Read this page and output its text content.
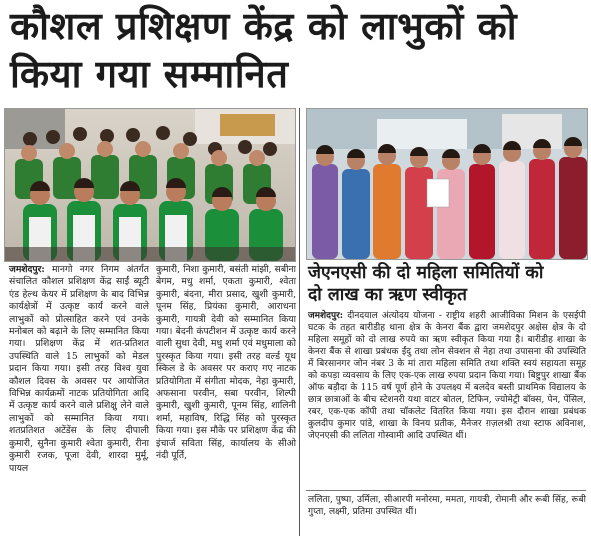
कौशल प्रशिक्षण केंद्र को लाभुकों को
किया गया सम्मानित

जमशेदपुर: मानगो नगर निगम अंतर्गत संचालित कौशल प्रशिक्षण केंद्र साईं ब्यूटी एंड हेल्थ केयर में प्रशिक्षण के बाद विभिन्न कार्यक्षेत्रों में उत्कृष्ट कार्य करने वाले लाभुकों को प्रोत्साहित करने एवं उनके मनोबल को बढ़ाने के लिए सम्मानित किया गया। प्रशिक्षण केंद्र में शत-प्रतिशत उपस्थिति वाले 15 लाभुकों को मेडल प्रदान किया गया। इसी तरह विश्व युवा कौशल दिवस के अवसर पर आयोजित विभिन्न कार्यक्रमों नाटक प्रतियोगिता आदि में उत्कृष्ट कार्य करने वाले प्रशिक्षु लेने वाले लाभुकों को सम्मानित किया गया। शतप्रतिशत अटेंडेंस के लिए दीपाली कुमारी, सुनैना कुमारी श्वेता कुमारी, रीना कुमारी रजक, पूजा देवी, शारदा मुर्मू, पायल

कुमारी, निशा कुमारी, बसंती मांझी, सबीना बेगम, मधु शर्मा, एकता कुमारी, श्वेता कुमारी, बंदना, मीरा प्रसाद, खुशी कुमारी, पूनम सिंह, प्रियंका कुमारी, आराधना कुमारी, गायत्री देवी को सम्मानित किया गया। बेदनी कंपटीशन में उत्कृष्ट कार्य करने वाली सुधा देवी, मधु शर्मा एवं मधुमाला को पुरस्कृत किया गया। इसी तरह वर्ल्ड यूथ स्किल डे के अवसर पर कराए गए नाटक प्रतियोगिता में संगीता मोदक, नेहा कुमारी, अफसाना परवीन, सबा परवीन, शिल्पी कुमारी, खुशी कुमारी, पूनम सिंह, शालिनी शर्मा, महाविष, रिद्धि सिंह को पुरस्कृत किया गया। इस मौके पर प्रशिक्षण केंद्र की इंचार्ज सविता सिंह, कार्यालय के सीओ नंदी पूर्ति,

जेएनएसी की दो महिला समितियों को
दो लाख का ऋण स्वीकृत

जमशेदपुर: दीनदयाल अंत्योदय योजना - राष्ट्रीय शहरी आजीविका मिशन के एसईपी घटक के तहत बारीडीह थाना क्षेत्र के केनरा बैंक द्वारा जमशेदपुर अक्षेस क्षेत्र के दो महिला समूहों को दो लाख रुपये का ऋण स्वीकृत किया गया है। बारीडीह शाखा के केनरा बैंक से शाखा प्रबंधक ईंदु तथा लोन सेक्शन से नेहा तथा उपासना की उपस्थिति में बिरसानगर जोन नंबर 3 के मां तारा महिला समिति तथा शक्ति स्वयं सहायता समूह को कपड़ा व्यवसाय के लिए एक-एक लाख रुपया प्रदान किया गया। बिष्टुपुर शाखा बैंक ऑफ बड़ौदा के 115 वर्ष पूर्ण होने के उपलक्ष्य में बलदेव बस्ती प्राथमिक विद्यालय के छात्र छात्राओं के बीच स्टेशनरी यथा वाटर बोतल, टिफिन, ज्योमेट्री बॉक्स, पेन, पेंसिल, रबर, एक-एक कॉपी तथा चॉकलेट वितरित किया गया। इस दौरान शाखा प्रबंधक कुलदीप कुमार पांडे, शाखा के विनय प्रतीक, मैनेजर ग़ज़लश्री तथा स्टाफ अविनाश, जेएनएसी की ललिता गोस्वामी आदि उपस्थित थीं।

ललिता, पुष्पा, उर्मिला, सीआरपी मनोरमा, ममता, गायत्री, रोमानी और रूबी सिंह, रूबी गुप्ता, लक्ष्मी, प्रतिमा उपस्थित थीं।
